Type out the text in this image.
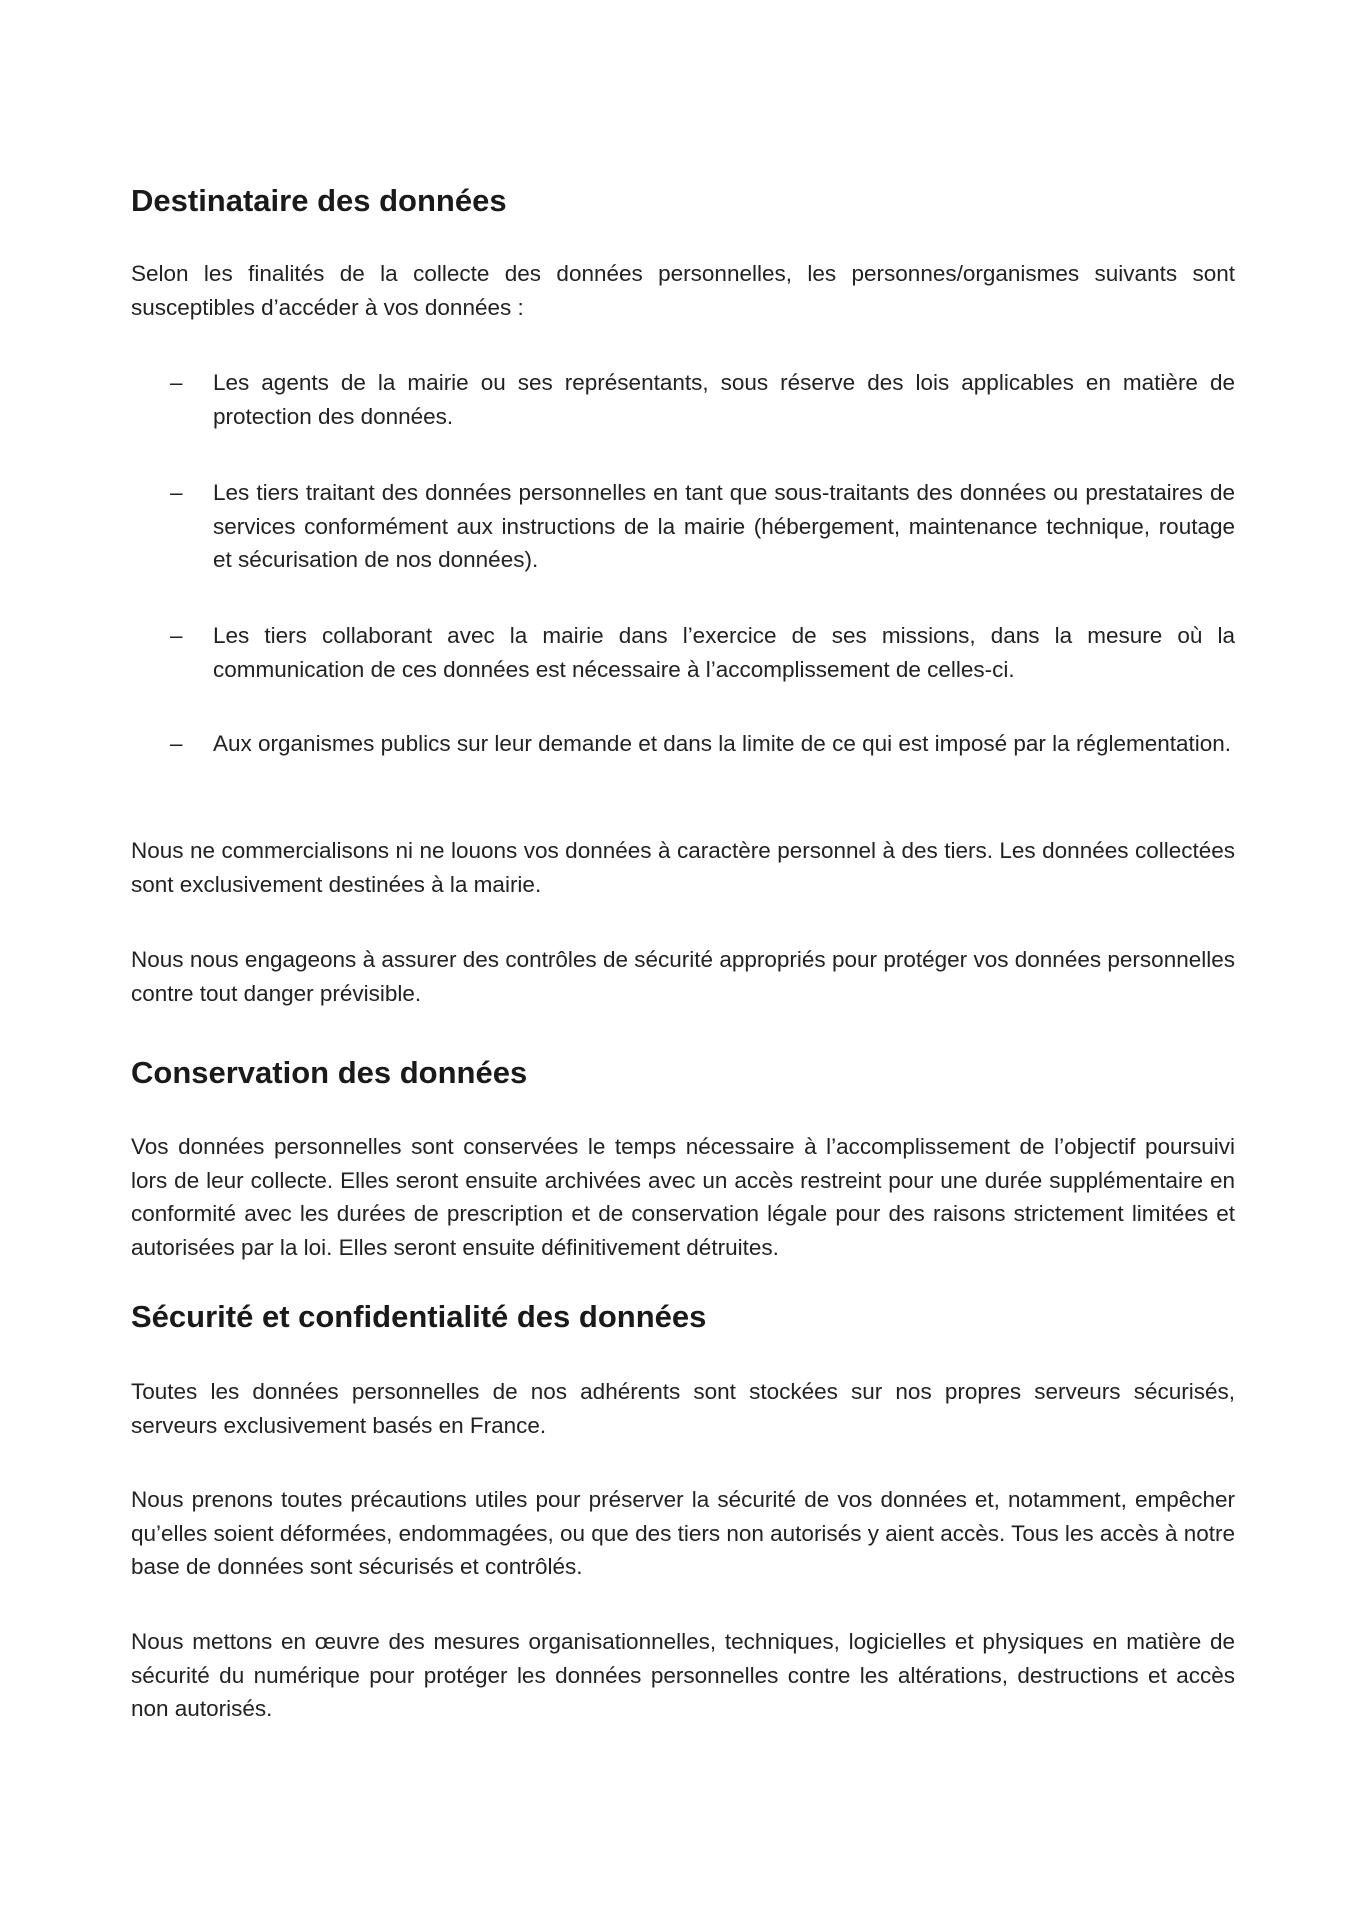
Destinataire des données

Selon les finalités de la collecte des données personnelles, les personnes/organismes suivants sont susceptibles d’accéder à vos données :

– Les agents de la mairie ou ses représentants, sous réserve des lois applicables en matière de protection des données.

– Les tiers traitant des données personnelles en tant que sous-traitants des données ou prestataires de services conformément aux instructions de la mairie (hébergement, maintenance technique, routage et sécurisation de nos données).

– Les tiers collaborant avec la mairie dans l’exercice de ses missions, dans la mesure où la communication de ces données est nécessaire à l’accomplissement de celles-ci.

– Aux organismes publics sur leur demande et dans la limite de ce qui est imposé par la réglementation.

Nous ne commercialisons ni ne louons vos données à caractère personnel à des tiers. Les données collectées sont exclusivement destinées à la mairie.

Nous nous engageons à assurer des contrôles de sécurité appropriés pour protéger vos données personnelles contre tout danger prévisible.

Conservation des données

Vos données personnelles sont conservées le temps nécessaire à l’accomplissement de l’objectif poursuivi lors de leur collecte. Elles seront ensuite archivées avec un accès restreint pour une durée supplémentaire en conformité avec les durées de prescription et de conservation légale pour des raisons strictement limitées et autorisées par la loi. Elles seront ensuite définitivement détruites.

Sécurité et confidentialité des données

Toutes les données personnelles de nos adhérents sont stockées sur nos propres serveurs sécurisés, serveurs exclusivement basés en France.

Nous prenons toutes précautions utiles pour préserver la sécurité de vos données et, notamment, empêcher qu’elles soient déformées, endommagées, ou que des tiers non autorisés y aient accès. Tous les accès à notre base de données sont sécurisés et contrôlés.

Nous mettons en œuvre des mesures organisationnelles, techniques, logicielles et physiques en matière de sécurité du numérique pour protéger les données personnelles contre les altérations, destructions et accès non autorisés.
